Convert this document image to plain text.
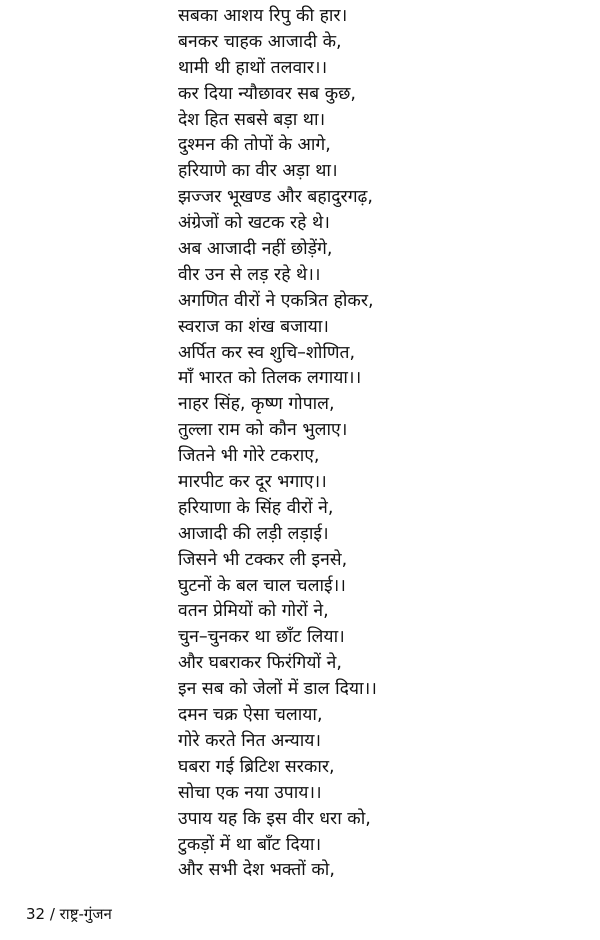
सबका आशय रिपु की हार।
बनकर चाहक आजादी के,
थामी थी हाथों तलवार।।
कर दिया न्यौछावर सब कुछ,
देश हित सबसे बड़ा था।
दुश्मन की तोपों के आगे,
हरियाणे का वीर अड़ा था।
झज्जर भूखण्ड और बहादुरगढ़,
अंग्रेजों को खटक रहे थे।
अब आजादी नहीं छोड़ेंगे,
वीर उन से लड़ रहे थे।।
अगणित वीरों ने एकत्रित होकर,
स्वराज का शंख बजाया।
अर्पित कर स्व शुचि–शोणित,
माँ भारत को तिलक लगाया।।
नाहर सिंह, कृष्ण गोपाल,
तुल्ला राम को कौन भुलाए।
जितने भी गोरे टकराए,
मारपीट कर दूर भगाए।।
हरियाणा के सिंह वीरों ने,
आजादी की लड़ी लड़ाई।
जिसने भी टक्कर ली इनसे,
घुटनों के बल चाल चलाई।।
वतन प्रेमियों को गोरों ने,
चुन–चुनकर था छाँट लिया।
और घबराकर फिरंगियों ने,
इन सब को जेलों में डाल दिया।।
दमन चक्र ऐसा चलाया,
गोरे करते नित अन्याय।
घबरा गई ब्रिटिश सरकार,
सोचा एक नया उपाय।।
उपाय यह कि इस वीर धरा को,
टुकड़ों में था बाँट दिया।
और सभी देश भक्तों को,
32 / राष्ट्र-गुंजन
